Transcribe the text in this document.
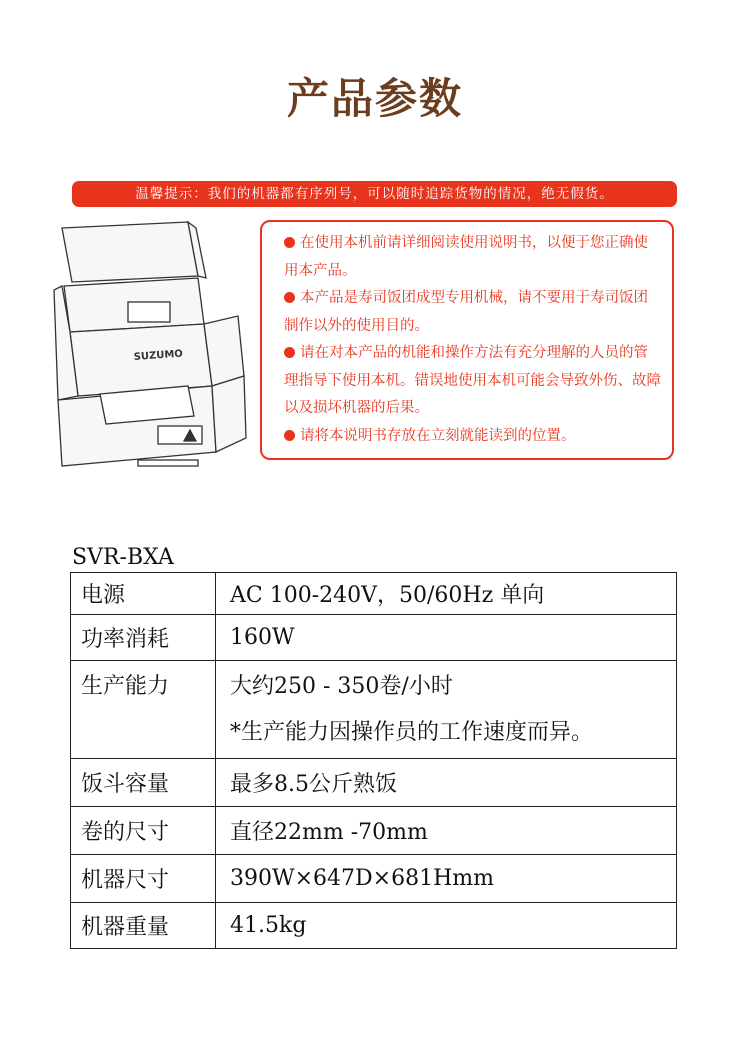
产品参数
温馨提示：我们的机器都有序列号，可以随时追踪货物的情况，绝无假货。
SUZUMO
在使用本机前请详细阅读使用说明书，以便于您正确使用本产品。
本产品是寿司饭团成型专用机械，请不要用于寿司饭团制作以外的使用目的。
请在对本产品的机能和操作方法有充分理解的人员的管理指导下使用本机。错误地使用本机可能会导致外伤、故障以及损坏机器的后果。
请将本说明书存放在立刻就能读到的位置。
SVR-BXA
电源	AC 100-240V，50/60Hz 单向
功率消耗	160W
生产能力	大约250 - 350卷/小时
*生产能力因操作员的工作速度而异。

饭斗容量	最多8.5公斤熟饭
卷的尺寸	直径22mm -70mm
机器尺寸	390W×647D×681Hmm
机器重量	41.5kg
